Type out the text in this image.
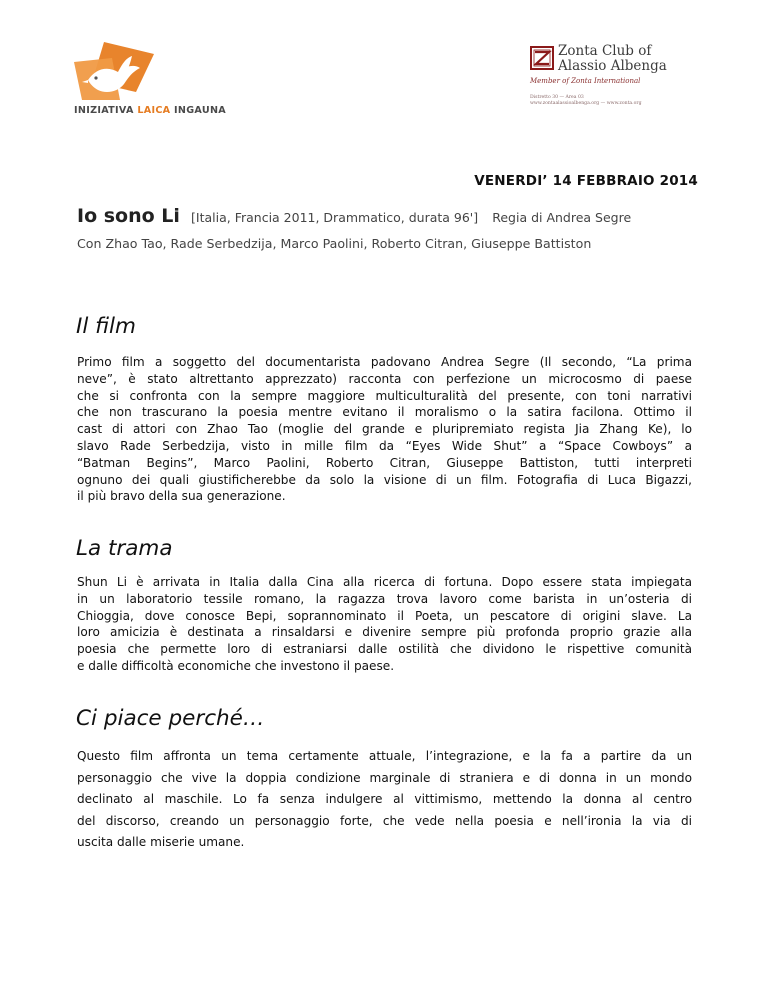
INIZIATIVA LAICA INGAUNA
Zonta Club of
Alassio Albenga
Member of Zonta International
Distretto 30 — Area 03
www.zontaalassioalbenga.org — www.zonta.org
VENERDI’ 14 FEBBRAIO 2014
Io sono Li [Italia, Francia 2011, Drammatico, durata 96'] Regia di Andrea Segre
Con Zhao Tao, Rade Serbedzija, Marco Paolini, Roberto Citran, Giuseppe Battiston
Il film
Primo film a soggetto del documentarista padovano Andrea Segre (Il secondo, “La prima
neve”, è stato altrettanto apprezzato) racconta con perfezione un microcosmo di paese
che si confronta con la sempre maggiore multiculturalità del presente, con toni narrativi
che non trascurano la poesia mentre evitano il moralismo o la satira facilona. Ottimo il
cast di attori con Zhao Tao (moglie del grande e pluripremiato regista Jia Zhang Ke), lo
slavo Rade Serbedzija, visto in mille film da “Eyes Wide Shut” a “Space Cowboys” a
“Batman Begins”, Marco Paolini, Roberto Citran, Giuseppe Battiston, tutti interpreti
ognuno dei quali giustificherebbe da solo la visione di un film. Fotografia di Luca Bigazzi,
il più bravo della sua generazione.
La trama
Shun Li è arrivata in Italia dalla Cina alla ricerca di fortuna. Dopo essere stata impiegata
in un laboratorio tessile romano, la ragazza trova lavoro come barista in un’osteria di
Chioggia, dove conosce Bepi, soprannominato il Poeta, un pescatore di origini slave. La
loro amicizia è destinata a rinsaldarsi e divenire sempre più profonda proprio grazie alla
poesia che permette loro di estraniarsi dalle ostilità che dividono le rispettive comunità
e dalle difficoltà economiche che investono il paese.
Ci piace perché…
Questo film affronta un tema certamente attuale, l’integrazione, e la fa a partire da un
personaggio che vive la doppia condizione marginale di straniera e di donna in un mondo
declinato al maschile. Lo fa senza indulgere al vittimismo, mettendo la donna al centro
del discorso, creando un personaggio forte, che vede nella poesia e nell’ironia la via di
uscita dalle miserie umane.
